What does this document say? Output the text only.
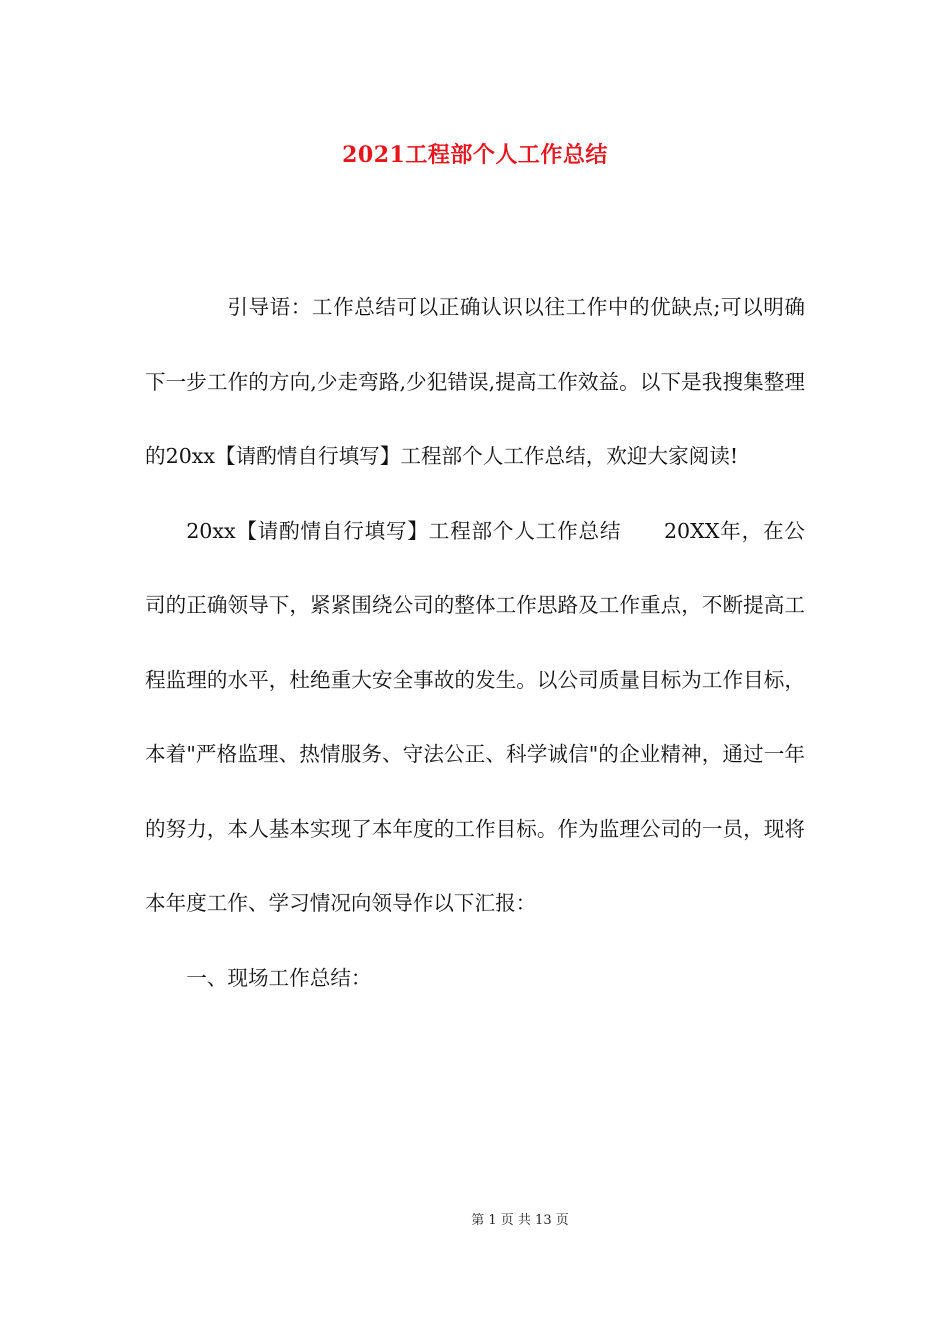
2021工程部个人工作总结

引导语：工作总结可以正确认识以往工作中的优缺点;可以明确下一步工作的方向,少走弯路,少犯错误,提高工作效益。以下是我搜集整理的20xx【请酌情自行填写】工程部个人工作总结，欢迎大家阅读!

20xx【请酌情自行填写】工程部个人工作总结　　20XX年，在公司的正确领导下，紧紧围绕公司的整体工作思路及工作重点，不断提高工程监理的水平，杜绝重大安全事故的发生。以公司质量目标为工作目标，本着"严格监理、热情服务、守法公正、科学诚信"的企业精神，通过一年的努力，本人基本实现了本年度的工作目标。作为监理公司的一员，现将本年度工作、学习情况向领导作以下汇报：

一、现场工作总结：

第 1 页 共 13 页
